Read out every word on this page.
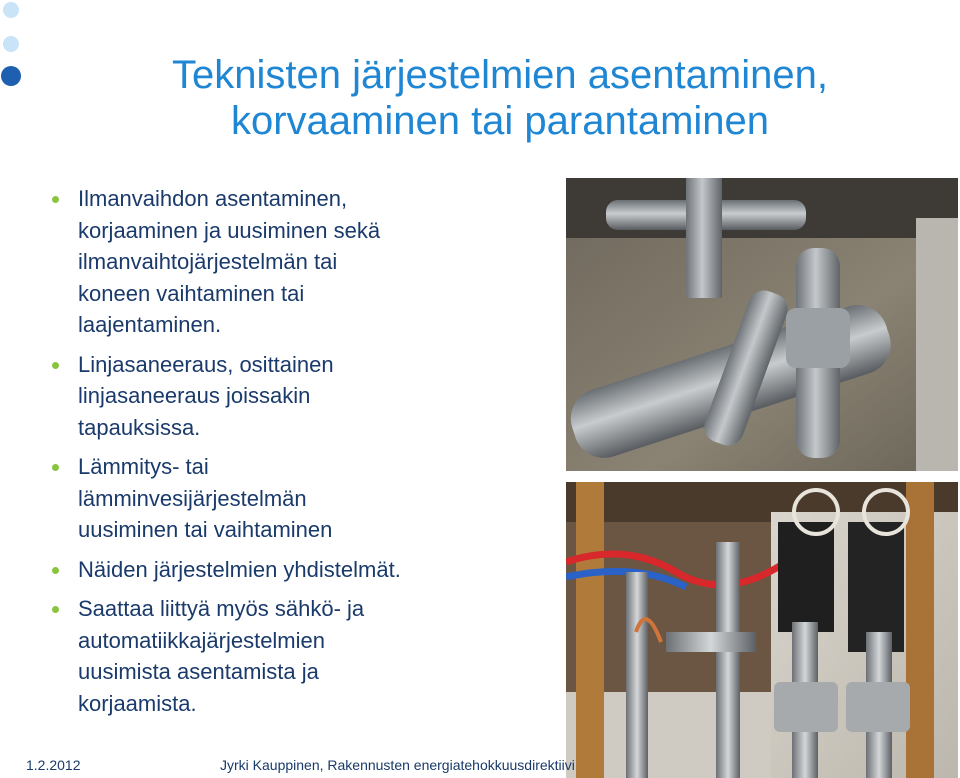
Teknisten järjestelmien asentaminen,
korvaaminen tai parantaminen
Ilmanvaihdon asentaminen,
korjaaminen ja uusiminen sekä
ilmanvaihtojärjestelmän tai
koneen vaihtaminen tai
laajentaminen.
Linjasaneeraus, osittainen
linjasaneeraus joissakin
tapauksissa.
Lämmitys- tai
lämminvesijärjestelmän
uusiminen tai vaihtaminen
Näiden järjestelmien yhdistelmät.
Saattaa liittyä myös sähkö- ja
automatiikkajärjestelmien
uusimista asentamista ja
korjaamista.
1.2.2012	Jyrki Kauppinen, Rakennusten energiatehokkuusdirektiivi
